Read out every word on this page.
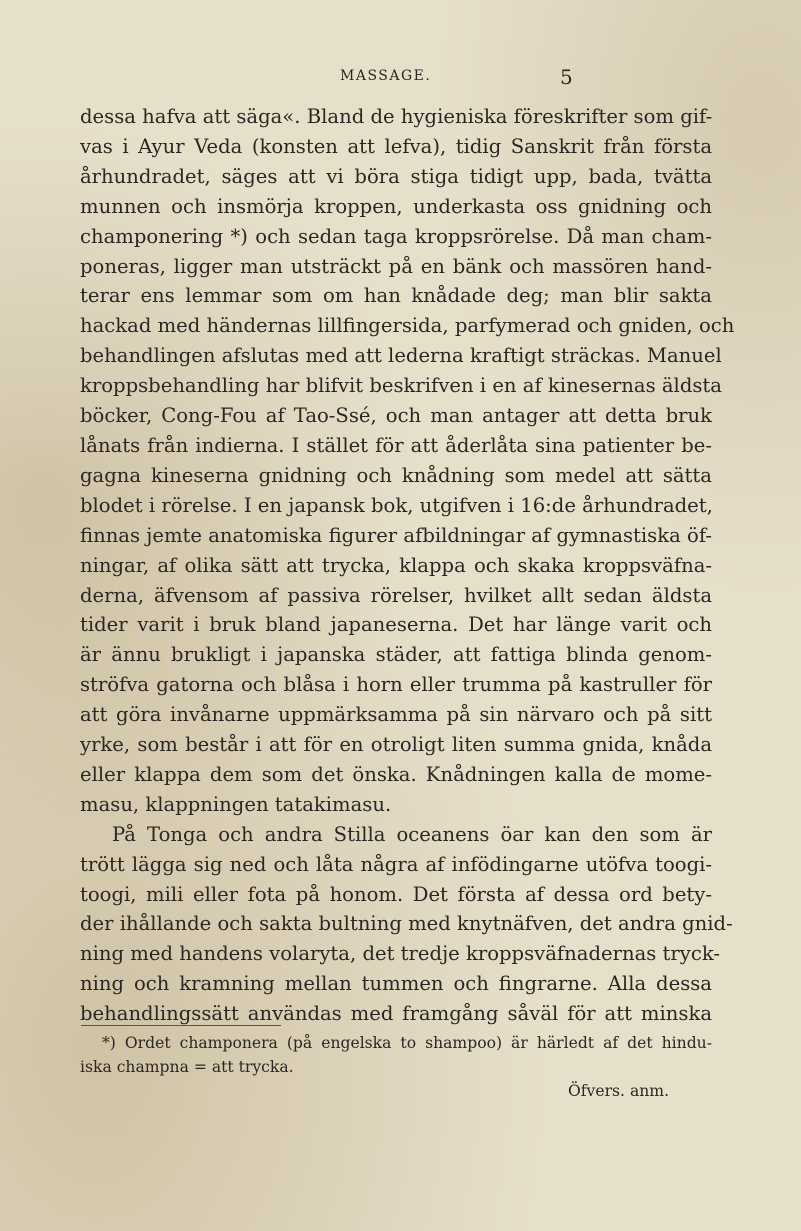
MASSAGE.	5
dessa hafva att säga«. Bland de hygieniska föreskrifter som gif-
vas i Ayur Veda (konsten att lefva), tidig Sanskrit från första
århundradet, säges att vi böra stiga tidigt upp, bada, tvätta
munnen och insmörja kroppen, underkasta oss gnidning och
champonering *) och sedan taga kroppsrörelse. Då man cham-
poneras, ligger man utsträckt på en bänk och massören hand-
terar ens lemmar som om han knådade deg; man blir sakta
hackad med händernas lillfingersida, parfymerad och gniden, och
behandlingen afslutas med att lederna kraftigt sträckas. Manuel
kroppsbehandling har blifvit beskrifven i en af kinesernas äldsta
böcker, Cong-Fou af Tao-Ssé, och man antager att detta bruk
lånats från indierna. I stället för att åderlåta sina patienter be-
gagna kineserna gnidning och knådning som medel att sätta
blodet i rörelse. I en japansk bok, utgifven i 16:de århundradet,
finnas jemte anatomiska figurer afbildningar af gymnastiska öf-
ningar, af olika sätt att trycka, klappa och skaka kroppsväfna-
derna, äfvensom af passiva rörelser, hvilket allt sedan äldsta
tider varit i bruk bland japaneserna. Det har länge varit och
är ännu brukligt i japanska städer, att fattiga blinda genom-
ströfva gatorna och blåsa i horn eller trumma på kastruller för
att göra invånarne uppmärksamma på sin närvaro och på sitt
yrke, som består i att för en otroligt liten summa gnida, knåda
eller klappa dem som det önska. Knådningen kalla de mome-
masu, klappningen tatakimasu.
På Tonga och andra Stilla oceanens öar kan den som är
trött lägga sig ned och låta några af infödingarne utöfva toogi-
toogi, mili eller fota på honom. Det första af dessa ord bety-
der ihållande och sakta bultning med knytnäfven, det andra gnid-
ning med handens volaryta, det tredje kroppsväfnadernas tryck-
ning och kramning mellan tummen och fingrarne. Alla dessa
behandlingssätt användas med framgång såväl för att minska
*) Ordet champonera (på engelska to shampoo) är härledt af det hindu-
iska champna = att trycka.
Öfvers. anm.
